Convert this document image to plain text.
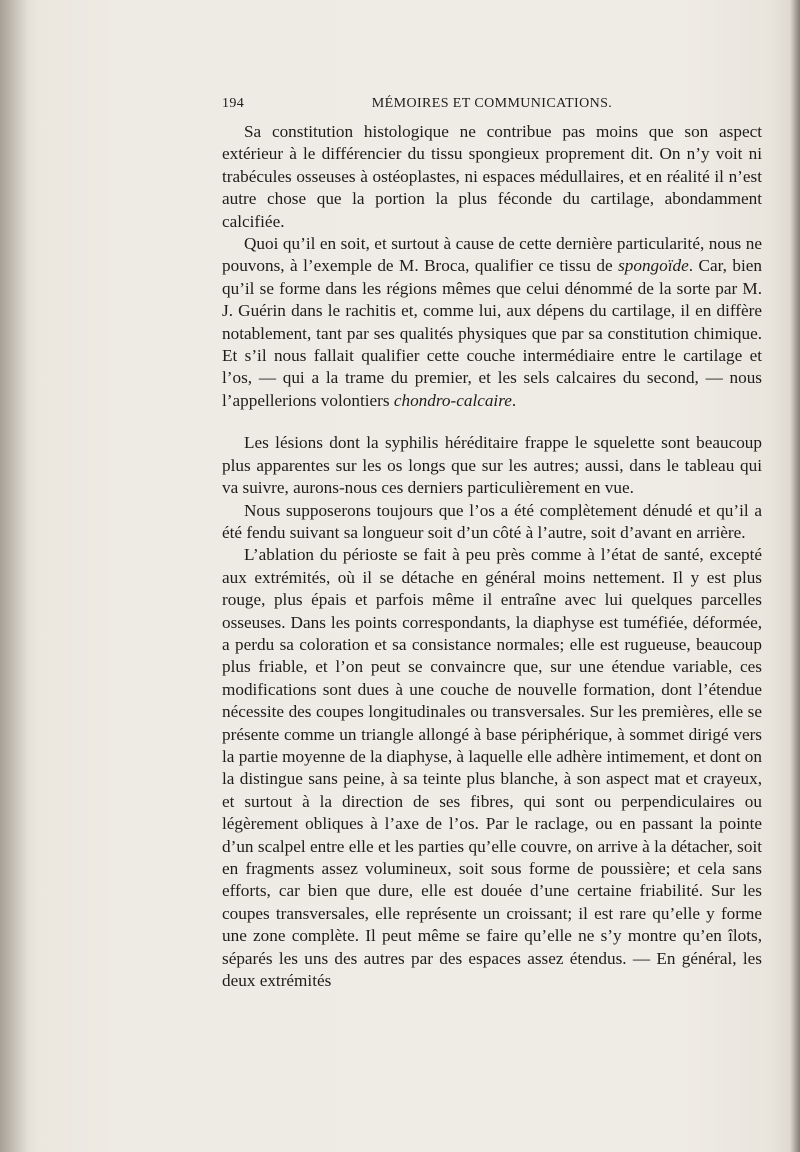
194	MÉMOIRES ET COMMUNICATIONS.

Sa constitution histologique ne contribue pas moins que son aspect extérieur à le différencier du tissu spongieux proprement dit. On n’y voit ni trabécules osseuses à ostéoplastes, ni espaces médullaires, et en réalité il n’est autre chose que la portion la plus féconde du cartilage, abondamment calcifiée.

Quoi qu’il en soit, et surtout à cause de cette dernière particularité, nous ne pouvons, à l’exemple de M. Broca, qualifier ce tissu de spongoïde. Car, bien qu’il se forme dans les régions mêmes que celui dénommé de la sorte par M. J. Guérin dans le rachitis et, comme lui, aux dépens du cartilage, il en diffère notablement, tant par ses qualités physiques que par sa constitution chimique. Et s’il nous fallait qualifier cette couche intermédiaire entre le cartilage et l’os, — qui a la trame du premier, et les sels calcaires du second, — nous l’appellerions volontiers chondro-calcaire.

Les lésions dont la syphilis héréditaire frappe le squelette sont beaucoup plus apparentes sur les os longs que sur les autres; aussi, dans le tableau qui va suivre, aurons-nous ces derniers particulièrement en vue.

Nous supposerons toujours que l’os a été complètement dénudé et qu’il a été fendu suivant sa longueur soit d’un côté à l’autre, soit d’avant en arrière.

L’ablation du périoste se fait à peu près comme à l’état de santé, excepté aux extrémités, où il se détache en général moins nettement. Il y est plus rouge, plus épais et parfois même il entraîne avec lui quelques parcelles osseuses. Dans les points correspondants, la diaphyse est tuméfiée, déformée, a perdu sa coloration et sa consistance normales; elle est rugueuse, beaucoup plus friable, et l’on peut se convaincre que, sur une étendue variable, ces modifications sont dues à une couche de nouvelle formation, dont l’étendue nécessite des coupes longitudinales ou transversales. Sur les premières, elle se présente comme un triangle allongé à base périphérique, à sommet dirigé vers la partie moyenne de la diaphyse, à laquelle elle adhère intimement, et dont on la distingue sans peine, à sa teinte plus blanche, à son aspect mat et crayeux, et surtout à la direction de ses fibres, qui sont ou perpendiculaires ou légèrement obliques à l’axe de l’os. Par le raclage, ou en passant la pointe d’un scalpel entre elle et les parties qu’elle couvre, on arrive à la détacher, soit en fragments assez volumineux, soit sous forme de poussière; et cela sans efforts, car bien que dure, elle est douée d’une certaine friabilité. Sur les coupes transversales, elle représente un croissant; il est rare qu’elle y forme une zone complète. Il peut même se faire qu’elle ne s’y montre qu’en îlots, séparés les uns des autres par des espaces assez étendus. — En général, les deux extrémités
